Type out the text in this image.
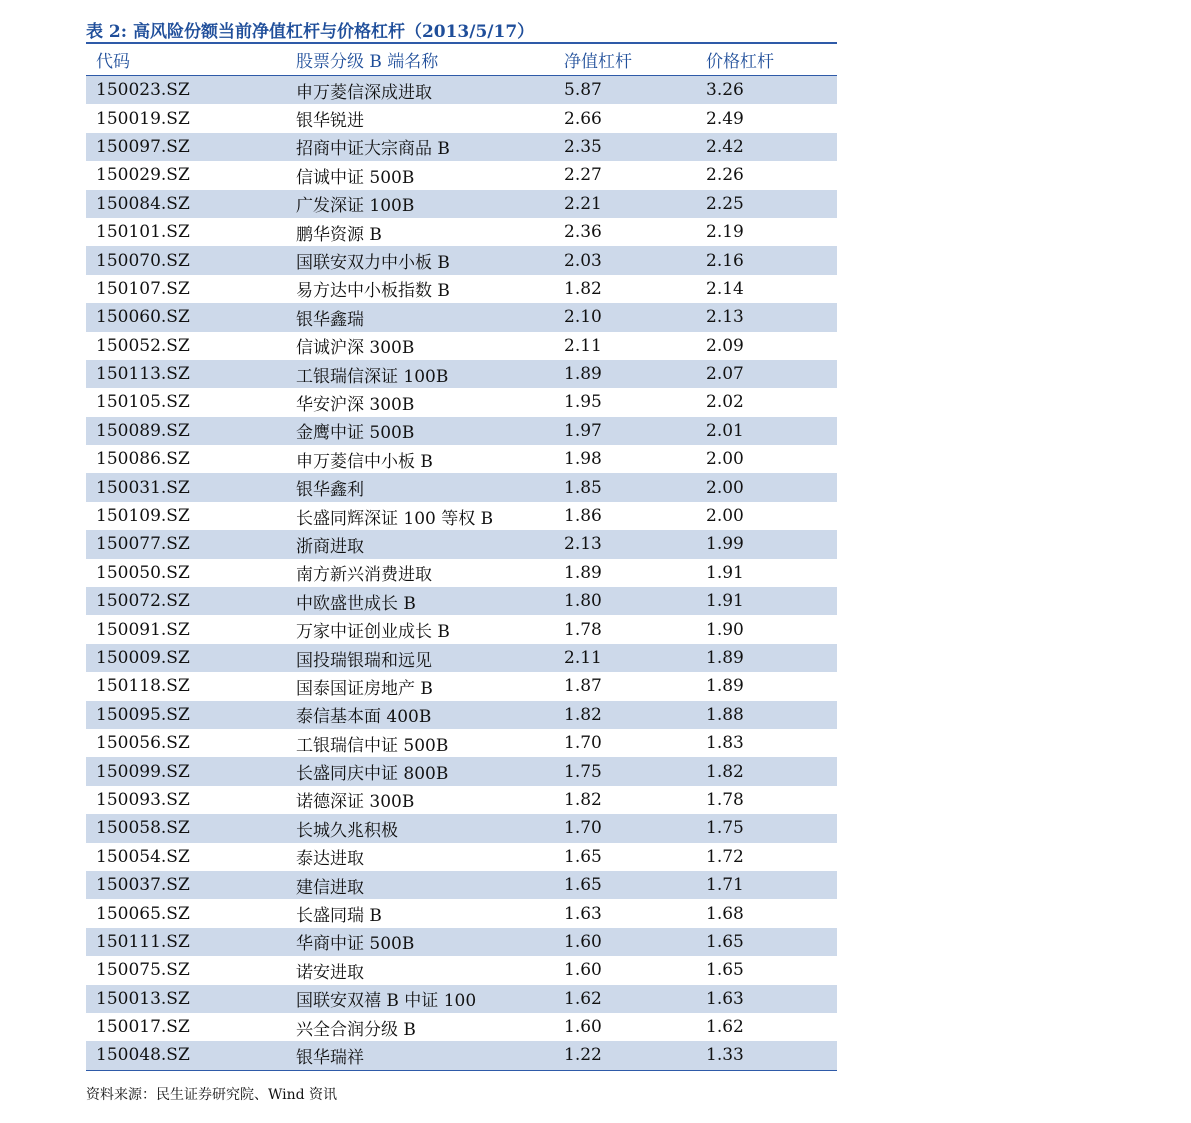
表 2: 高风险份额当前净值杠杆与价格杠杆（2013/5/17）
代码	股票分级 B 端名称	净值杠杆	价格杠杆
150023.SZ	申万菱信深成进取	5.87	3.26
150019.SZ	银华锐进	2.66	2.49
150097.SZ	招商中证大宗商品 B	2.35	2.42
150029.SZ	信诚中证 500B	2.27	2.26
150084.SZ	广发深证 100B	2.21	2.25
150101.SZ	鹏华资源 B	2.36	2.19
150070.SZ	国联安双力中小板 B	2.03	2.16
150107.SZ	易方达中小板指数 B	1.82	2.14
150060.SZ	银华鑫瑞	2.10	2.13
150052.SZ	信诚沪深 300B	2.11	2.09
150113.SZ	工银瑞信深证 100B	1.89	2.07
150105.SZ	华安沪深 300B	1.95	2.02
150089.SZ	金鹰中证 500B	1.97	2.01
150086.SZ	申万菱信中小板 B	1.98	2.00
150031.SZ	银华鑫利	1.85	2.00
150109.SZ	长盛同辉深证 100 等权 B	1.86	2.00
150077.SZ	浙商进取	2.13	1.99
150050.SZ	南方新兴消费进取	1.89	1.91
150072.SZ	中欧盛世成长 B	1.80	1.91
150091.SZ	万家中证创业成长 B	1.78	1.90
150009.SZ	国投瑞银瑞和远见	2.11	1.89
150118.SZ	国泰国证房地产 B	1.87	1.89
150095.SZ	泰信基本面 400B	1.82	1.88
150056.SZ	工银瑞信中证 500B	1.70	1.83
150099.SZ	长盛同庆中证 800B	1.75	1.82
150093.SZ	诺德深证 300B	1.82	1.78
150058.SZ	长城久兆积极	1.70	1.75
150054.SZ	泰达进取	1.65	1.72
150037.SZ	建信进取	1.65	1.71
150065.SZ	长盛同瑞 B	1.63	1.68
150111.SZ	华商中证 500B	1.60	1.65
150075.SZ	诺安进取	1.60	1.65
150013.SZ	国联安双禧 B 中证 100	1.62	1.63
150017.SZ	兴全合润分级 B	1.60	1.62
150048.SZ	银华瑞祥	1.22	1.33
资料来源：民生证券研究院、Wind 资讯
